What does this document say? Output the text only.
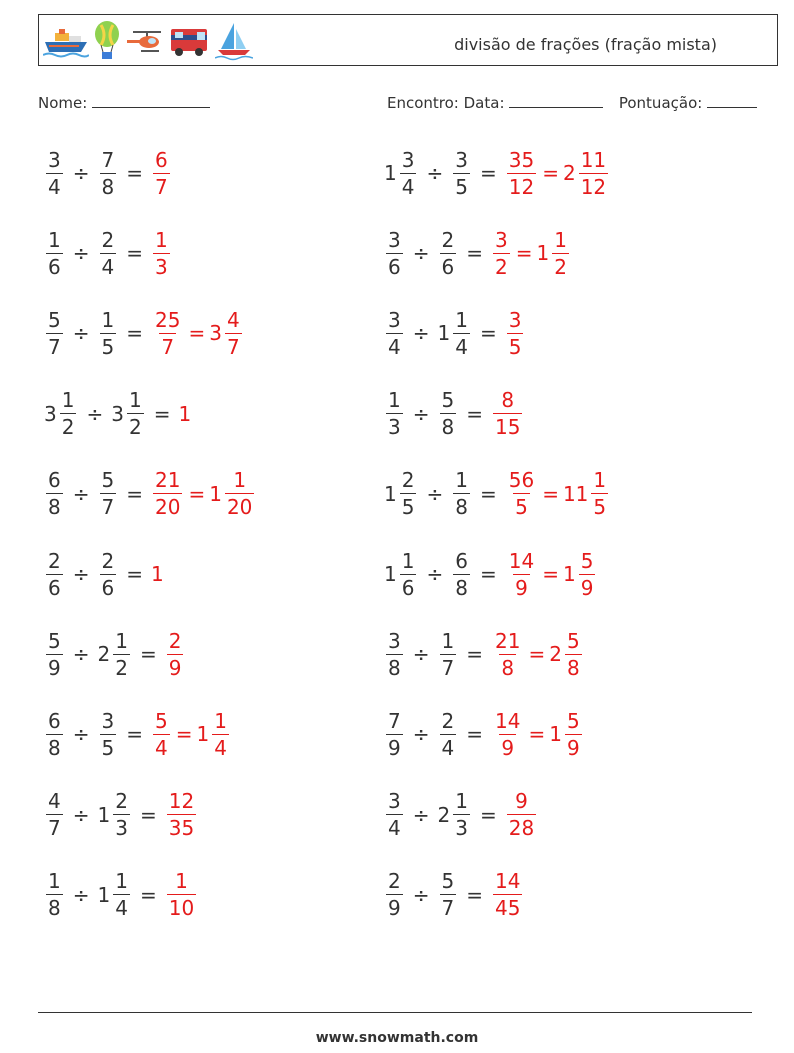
divisão de frações (fração mista)
Nome:	Encontro: Data:	Pontuação:
$\frac{3}{4} \div \frac{7}{8} = \frac{6}{7}$
$\frac{1}{6} \div \frac{2}{4} = \frac{1}{3}$
$\frac{5}{7} \div \frac{1}{5} = \frac{25}{7} = 3 \frac{4}{7}$
$3 \frac{1}{2} \div 3 \frac{1}{2} = 1$
$\frac{6}{8} \div \frac{5}{7} = \frac{21}{20} = 1 \frac{1}{20}$
$\frac{2}{6} \div \frac{2}{6} = 1$
$\frac{5}{9} \div 2 \frac{1}{2} = \frac{2}{9}$
$\frac{6}{8} \div \frac{3}{5} = \frac{5}{4} = 1 \frac{1}{4}$
$\frac{4}{7} \div 1 \frac{2}{3} = \frac{12}{35}$
$\frac{1}{8} \div 1 \frac{1}{4} = \frac{1}{10}$
$1 \frac{3}{4} \div \frac{3}{5} = \frac{35}{12} = 2 \frac{11}{12}$
$\frac{3}{6} \div \frac{2}{6} = \frac{3}{2} = 1 \frac{1}{2}$
$\frac{3}{4} \div 1 \frac{1}{4} = \frac{3}{5}$
$\frac{1}{3} \div \frac{5}{8} = \frac{8}{15}$
$1 \frac{2}{5} \div \frac{1}{8} = \frac{56}{5} = 11 \frac{1}{5}$
$1 \frac{1}{6} \div \frac{6}{8} = \frac{14}{9} = 1 \frac{5}{9}$
$\frac{3}{8} \div \frac{1}{7} = \frac{21}{8} = 2 \frac{5}{8}$
$\frac{7}{9} \div \frac{2}{4} = \frac{14}{9} = 1 \frac{5}{9}$
$\frac{3}{4} \div 2 \frac{1}{3} = \frac{9}{28}$
$\frac{2}{9} \div \frac{5}{7} = \frac{14}{45}$
www.snowmath.com
